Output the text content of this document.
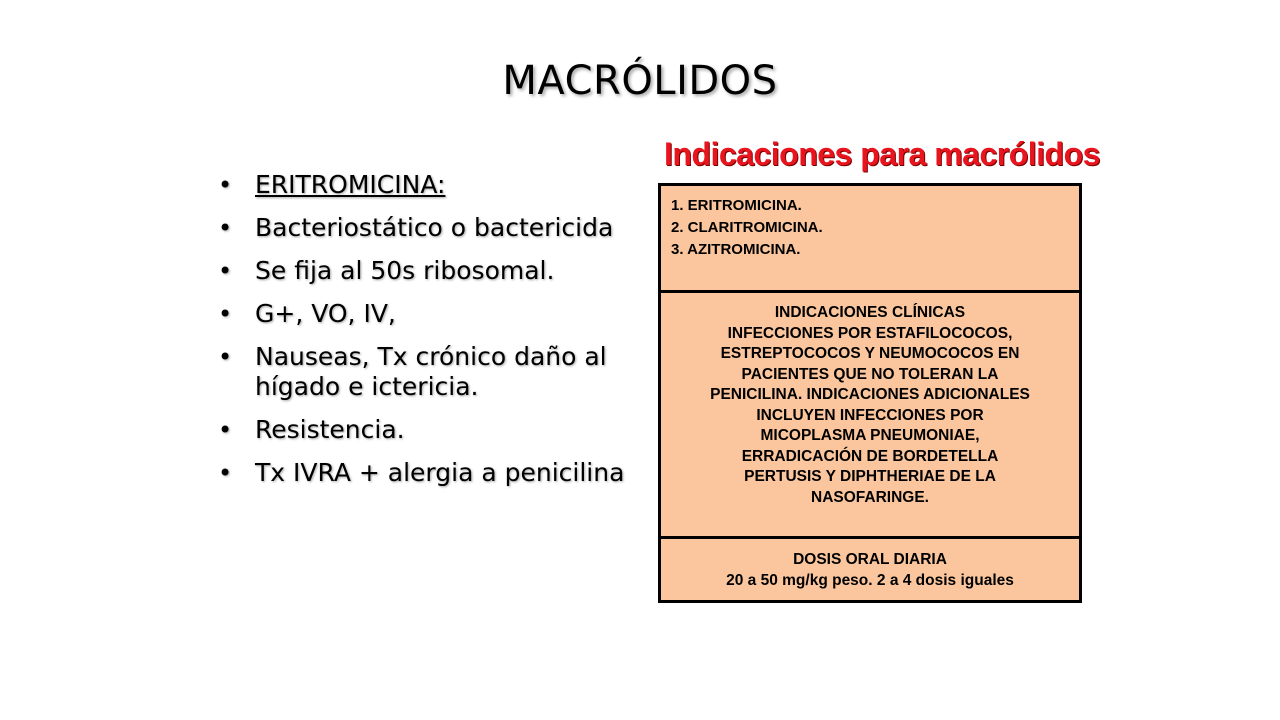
MACRÓLIDOS
• ERITROMICINA:
• Bacteriostático o bactericida
• Se fija al 50s ribosomal.
• G+, VO, IV,
• Nauseas, Tx crónico daño al hígado e ictericia.
• Resistencia.
• Tx IVRA + alergia a penicilina
Indicaciones para macrólidos
1. ERITROMICINA.
2. CLARITROMICINA.
3. AZITROMICINA.
INDICACIONES CLÍNICAS
INFECCIONES POR ESTAFILOCOCOS,
ESTREPTOCOCOS Y NEUMOCOCOS EN
PACIENTES QUE NO TOLERAN LA
PENICILINA. INDICACIONES ADICIONALES
INCLUYEN INFECCIONES POR
MICOPLASMA PNEUMONIAE,
ERRADICACIÓN DE BORDETELLA
PERTUSIS Y DIPHTHERIAE DE LA
NASOFARINGE.
DOSIS ORAL DIARIA
20 a 50 mg/kg peso. 2 a 4 dosis iguales
